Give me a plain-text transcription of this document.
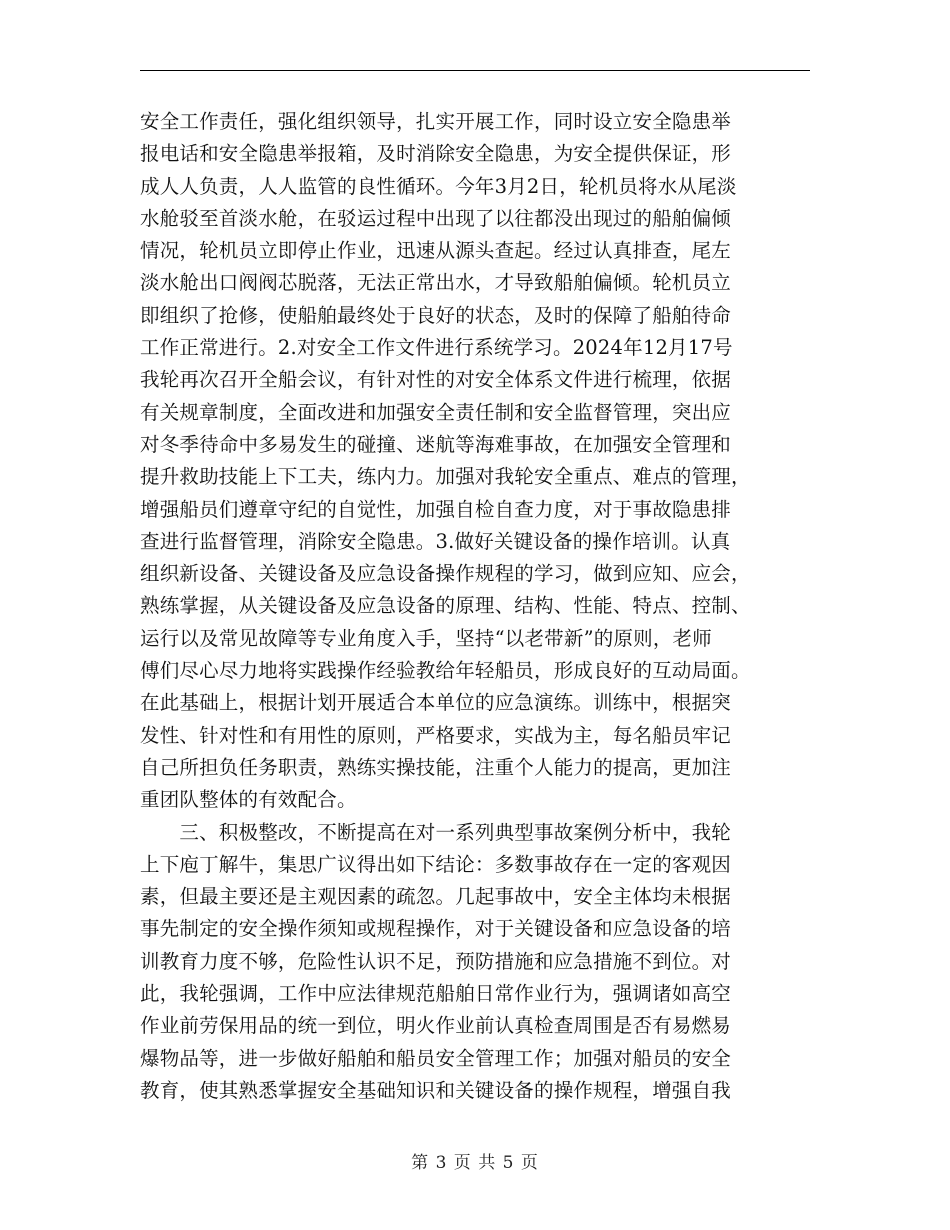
安全工作责任，强化组织领导，扎实开展工作，同时设立安全隐患举
报电话和安全隐患举报箱，及时消除安全隐患，为安全提供保证，形
成人人负责，人人监管的良性循环。今年3月2日，轮机员将水从尾淡
水舱驳至首淡水舱，在驳运过程中出现了以往都没出现过的船舶偏倾
情况，轮机员立即停止作业，迅速从源头查起。经过认真排查，尾左
淡水舱出口阀阀芯脱落，无法正常出水，才导致船舶偏倾。轮机员立
即组织了抢修，使船舶最终处于良好的状态，及时的保障了船舶待命
工作正常进行。2.对安全工作文件进行系统学习。2024年12月17号
我轮再次召开全船会议，有针对性的对安全体系文件进行梳理，依据
有关规章制度，全面改进和加强安全责任制和安全监督管理，突出应
对冬季待命中多易发生的碰撞、迷航等海难事故，在加强安全管理和
提升救助技能上下工夫，练内力。加强对我轮安全重点、难点的管理，
增强船员们遵章守纪的自觉性，加强自检自查力度，对于事故隐患排
查进行监督管理，消除安全隐患。3.做好关键设备的操作培训。认真
组织新设备、关键设备及应急设备操作规程的学习，做到应知、应会，
熟练掌握，从关键设备及应急设备的原理、结构、性能、特点、控制、
运行以及常见故障等专业角度入手，坚持“以老带新”的原则，老师
傅们尽心尽力地将实践操作经验教给年轻船员，形成良好的互动局面。
在此基础上，根据计划开展适合本单位的应急演练。训练中，根据突
发性、针对性和有用性的原则，严格要求，实战为主，每名船员牢记
自己所担负任务职责，熟练实操技能，注重个人能力的提高，更加注
重团队整体的有效配合。

　　三、积极整改，不断提高在对一系列典型事故案例分析中，我轮
上下庖丁解牛，集思广议得出如下结论：多数事故存在一定的客观因
素，但最主要还是主观因素的疏忽。几起事故中，安全主体均未根据
事先制定的安全操作须知或规程操作，对于关键设备和应急设备的培
训教育力度不够，危险性认识不足，预防措施和应急措施不到位。对
此，我轮强调，工作中应法律规范船舶日常作业行为，强调诸如高空
作业前劳保用品的统一到位，明火作业前认真检查周围是否有易燃易
爆物品等，进一步做好船舶和船员安全管理工作；加强对船员的安全
教育，使其熟悉掌握安全基础知识和关键设备的操作规程，增强自我

第 3 页 共 5 页
